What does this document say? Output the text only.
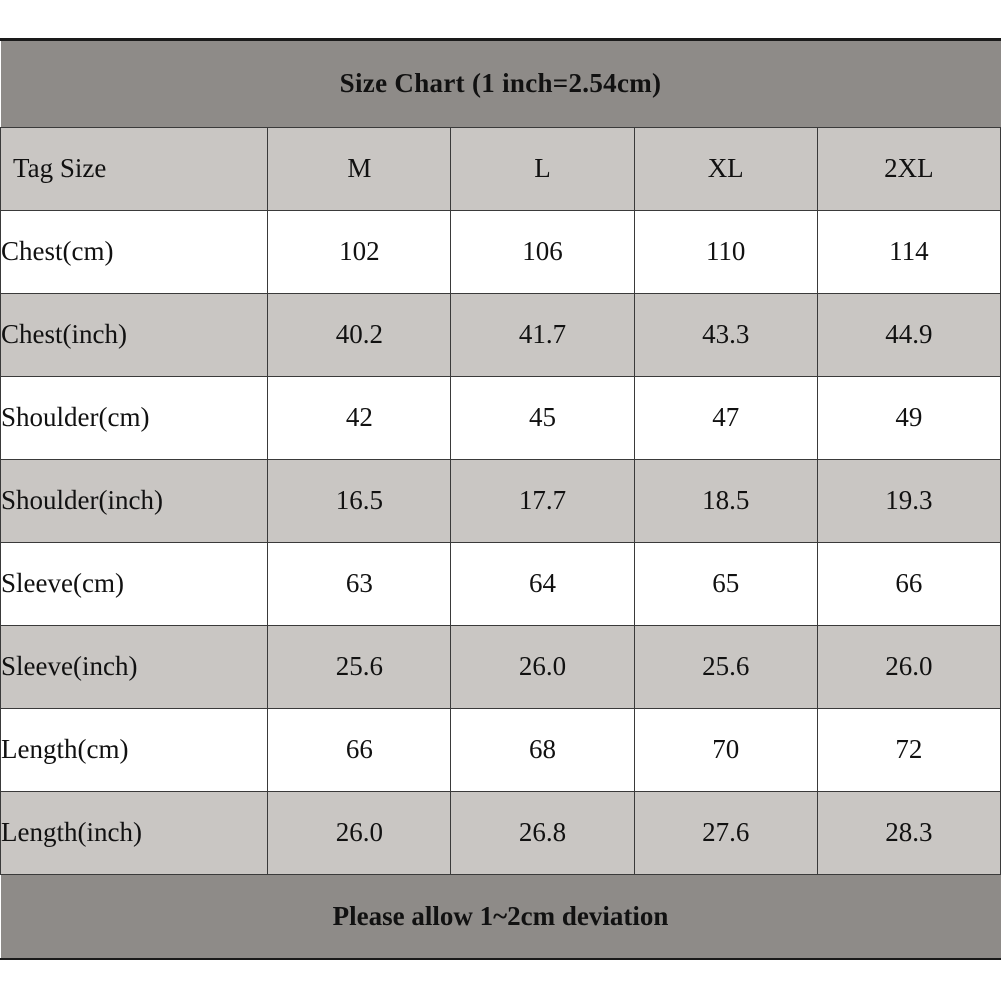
Size Chart (1 inch=2.54cm)				
Tag Size	M	L	XL	2XL
Chest(cm)	102	106	110	114
Chest(inch)	40.2	41.7	43.3	44.9
Shoulder(cm)	42	45	47	49
Shoulder(inch)	16.5	17.7	18.5	19.3
Sleeve(cm)	63	64	65	66
Sleeve(inch)	25.6	26.0	25.6	26.0
Length(cm)	66	68	70	72
Length(inch)	26.0	26.8	27.6	28.3
Please allow 1~2cm deviation				
